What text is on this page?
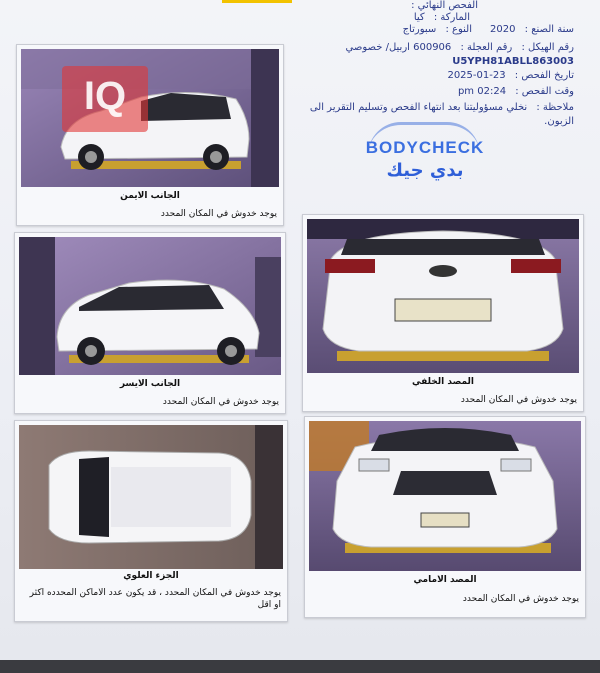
الفحص النهائي :
الماركة : كيا
النوع : سبورتاج	سنة الصنع : 2020
رقم الهيكل : رقم العجلة : 600906 اربيل/ خصوصي
U5YPH81ABLL863003
تاريخ الفحص : 23-01-2025
وقت الفحص : 02:24 pm
ملاحظة : نخلي مسؤوليتنا بعد انتهاء الفحص وتسليم التقرير الى
الزبون.
BODYCHECK
بدي جيك
الجانب الايمن
يوجد خدوش في المكان المحدد
IQ
الجانب الايسر
يوجد خدوش في المكان المحدد
المصد الخلفي
يوجد خدوش في المكان المحدد
الجزء العلوي
يوجد خدوش في المكان المحدد ، قد يكون عدد الاماكن المحدده اكثر او اقل
المصد الامامي
يوجد خدوش في المكان المحدد
